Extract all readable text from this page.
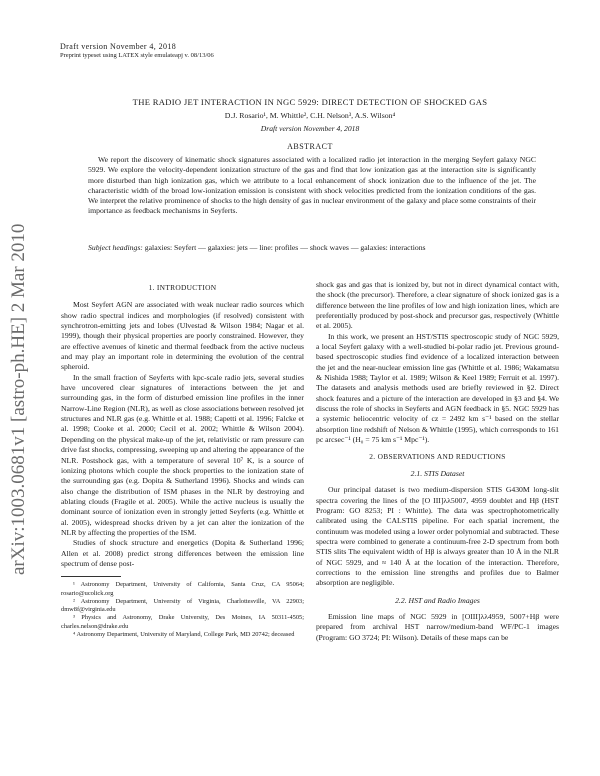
Draft version November 4, 2018
Preprint typeset using LATEX style emulateapj v. 08/13/06
arXiv:1003.0681v1 [astro-ph.HE] 2 Mar 2010
THE RADIO JET INTERACTION IN NGC 5929: DIRECT DETECTION OF SHOCKED GAS
D.J. Rosario¹, M. Whittle², C.H. Nelson³, A.S. Wilson⁴
Draft version November 4, 2018
ABSTRACT
We report the discovery of kinematic shock signatures associated with a localized radio jet interaction in the merging Seyfert galaxy NGC 5929. We explore the velocity-dependent ionization structure of the gas and find that low ionization gas at the interaction site is significantly more disturbed than high ionization gas, which we attribute to a local enhancement of shock ionization due to the influence of the jet. The characteristic width of the broad low-ionization emission is consistent with shock velocities predicted from the ionization conditions of the gas. We interpret the relative prominence of shocks to the high density of gas in nuclear environment of the galaxy and place some constraints of their importance as feedback mechanisms in Seyferts.
Subject headings: galaxies: Seyfert — galaxies: jets — line: profiles — shock waves — galaxies: interactions
1. INTRODUCTION

Most Seyfert AGN are associated with weak nuclear radio sources which show radio spectral indices and morphologies (if resolved) consistent with synchrotron-emitting jets and lobes (Ulvestad & Wilson 1984; Nagar et al. 1999), though their physical properties are poorly constrained. However, they are effective avenues of kinetic and thermal feedback from the active nucleus and may play an important role in determining the evolution of the central spheroid.

In the small fraction of Seyferts with kpc-scale radio jets, several studies have uncovered clear signatures of interactions between the jet and surrounding gas, in the form of disturbed emission line profiles in the inner Narrow-Line Region (NLR), as well as close associations between resolved jet structures and NLR gas (e.g. Whittle et al. 1988; Capetti et al. 1996; Falcke et al. 1998; Cooke et al. 2000; Cecil et al. 2002; Whittle & Wilson 2004). Depending on the physical make-up of the jet, relativistic or ram pressure can drive fast shocks, compressing, sweeping up and altering the appearance of the NLR. Postshock gas, with a temperature of several 10⁷ K, is a source of ionizing photons which couple the shock properties to the ionization state of the surrounding gas (e.g. Dopita & Sutherland 1996). Shocks and winds can also change the distribution of ISM phases in the NLR by destroying and ablating clouds (Fragile et al. 2005). While the active nucleus is usually the dominant source of ionization even in strongly jetted Seyferts (e.g. Whittle et al. 2005), widespread shocks driven by a jet can alter the ionization of the NLR by affecting the properties of the ISM.

Studies of shock structure and energetics (Dopita & Sutherland 1996; Allen et al. 2008) predict strong differences between the emission line spectrum of dense post-

¹ Astronomy Department, University of California, Santa Cruz, CA 95064; rosario@ucolick.org

² Astronomy Department, University of Virginia, Charlottesville, VA 22903; dmw8f@virginia.edu

³ Physics and Astronomy, Drake University, Des Moines, IA 50311-4505; charles.nelson@drake.edu

⁴ Astronomy Department, University of Maryland, College Park, MD 20742; deceased

shock gas and gas that is ionized by, but not in direct dynamical contact with, the shock (the precursor). Therefore, a clear signature of shock ionized gas is a difference between the line profiles of low and high ionization lines, which are preferentially produced by post-shock and precursor gas, respectively (Whittle et al. 2005).

In this work, we present an HST/STIS spectroscopic study of NGC 5929, a local Seyfert galaxy with a well-studied bi-polar radio jet. Previous ground-based spectroscopic studies find evidence of a localized interaction between the jet and the near-nuclear emission line gas (Whittle et al. 1986; Wakamatsu & Nishida 1988; Taylor et al. 1989; Wilson & Keel 1989; Ferruit et al. 1997). The datasets and analysis methods used are briefly reviewed in §2. Direct shock features and a picture of the interaction are developed in §3 and §4. We discuss the role of shocks in Seyferts and AGN feedback in §5. NGC 5929 has a systemic heliocentric velocity of cz = 2492 km s⁻¹ based on the stellar absorption line redshift of Nelson & Whittle (1995), which corresponds to 161 pc arcsec⁻¹ (H₀ = 75 km s⁻¹ Mpc⁻¹).

2. OBSERVATIONS AND REDUCTIONS
2.1. STIS Dataset

Our principal dataset is two medium-dispersion STIS G430M long-slit spectra covering the lines of the [O III]λλ5007, 4959 doublet and Hβ (HST Program: GO 8253; PI : Whittle). The data was spectrophotometrically calibrated using the CALSTIS pipeline. For each spatial increment, the continuum was modeled using a lower order polynomial and subtracted. These spectra were combined to generate a continuum-free 2-D spectrum from both STIS slits The equivalent width of Hβ is always greater than 10 Å in the NLR of NGC 5929, and ≈ 140 Å at the location of the interaction. Therefore, corrections to the emission line strengths and profiles due to Balmer absorption are negligible.

2.2. HST and Radio Images

Emission line maps of NGC 5929 in [OIII]λλ4959, 5007+Hβ were prepared from archival HST narrow/medium-band WF/PC-1 images (Program: GO 3724; PI: Wilson). Details of these maps can be
